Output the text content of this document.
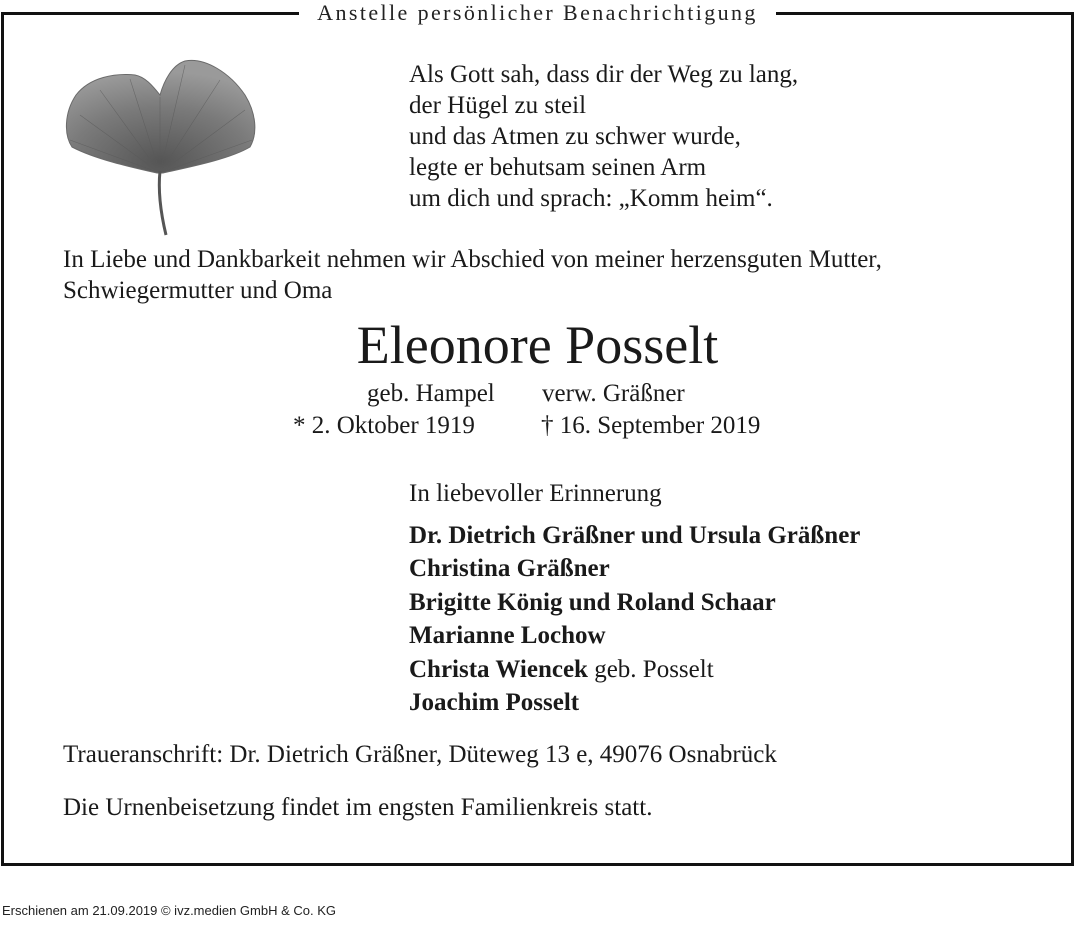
Anstelle persönlicher Benachrichtigung
Als Gott sah, dass dir der Weg zu lang,
der Hügel zu steil
und das Atmen zu schwer wurde,
legte er behutsam seinen Arm
um dich und sprach: „Komm heim“.
In Liebe und Dankbarkeit nehmen wir Abschied von meiner herzensguten Mutter, Schwiegermutter und Oma
Eleonore Posselt
geb. Hampel verw. Gräßner
* 2. Oktober 1919	† 16. September 2019
In liebevoller Erinnerung
Dr. Dietrich Gräßner und Ursula Gräßner
Christina Gräßner
Brigitte König und Roland Schaar
Marianne Lochow
Christa Wiencek geb. Posselt
Joachim Posselt
Traueranschrift: Dr. Dietrich Gräßner, Düteweg 13 e, 49076 Osnabrück
Die Urnenbeisetzung findet im engsten Familienkreis statt.
Erschienen am 21.09.2019 © ivz.medien GmbH & Co. KG
